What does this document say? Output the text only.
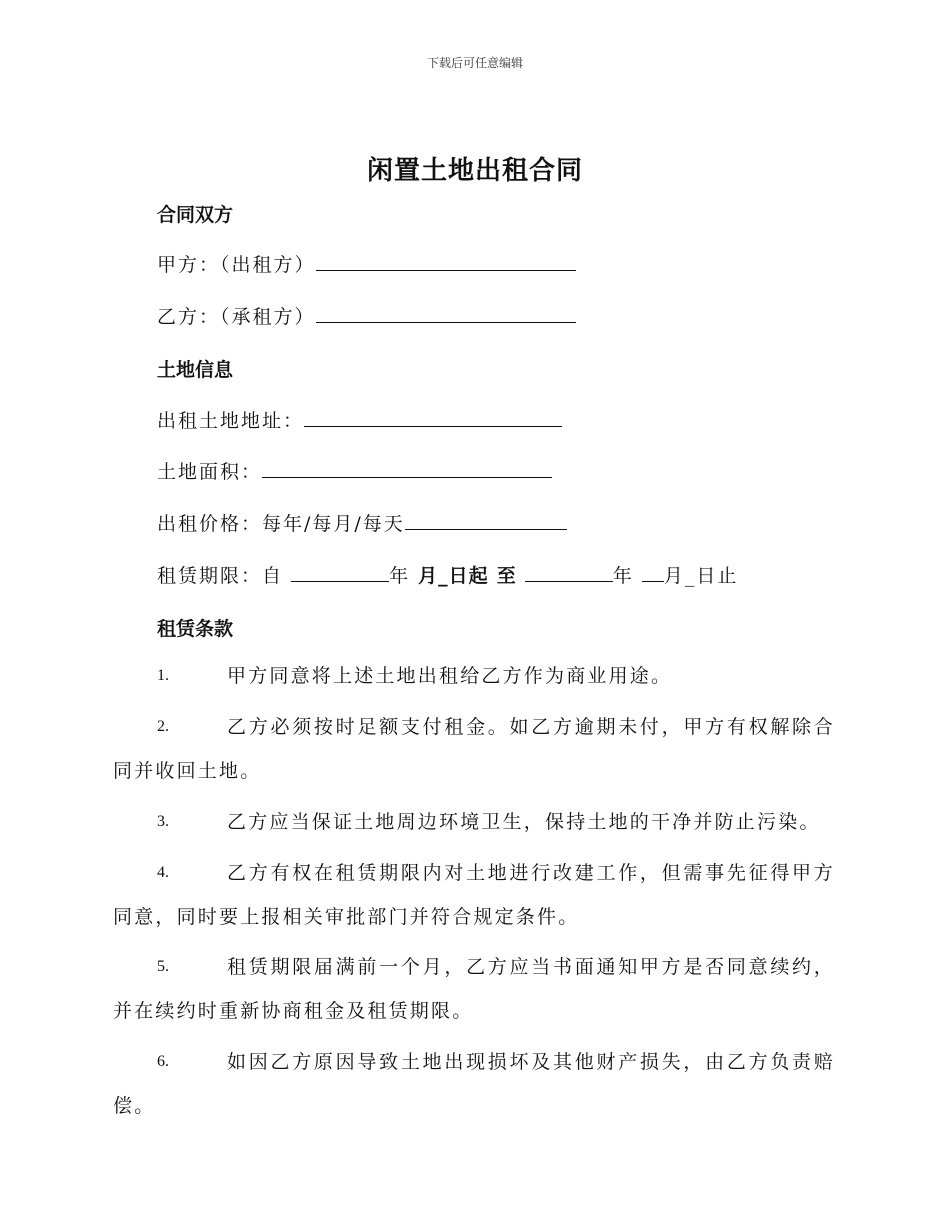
下载后可任意编辑
闲置土地出租合同
合同双方
甲方：（出租方）
乙方：（承租方）
土地信息
出租土地地址：
土地面积：
出租价格：每年/每月/每天
租赁期限：自	年 月_日起 至	年 月_日止
租赁条款
1.	甲方同意将上述土地出租给乙方作为商业用途。
2.	乙方必须按时足额支付租金。如乙方逾期未付，甲方有权解除合同并收回土地。
3.	乙方应当保证土地周边环境卫生，保持土地的干净并防止污染。
4.	乙方有权在租赁期限内对土地进行改建工作，但需事先征得甲方同意，同时要上报相关审批部门并符合规定条件。
5.	租赁期限届满前一个月，乙方应当书面通知甲方是否同意续约，并在续约时重新协商租金及租赁期限。
6.	如因乙方原因导致土地出现损坏及其他财产损失，由乙方负责赔偿。
